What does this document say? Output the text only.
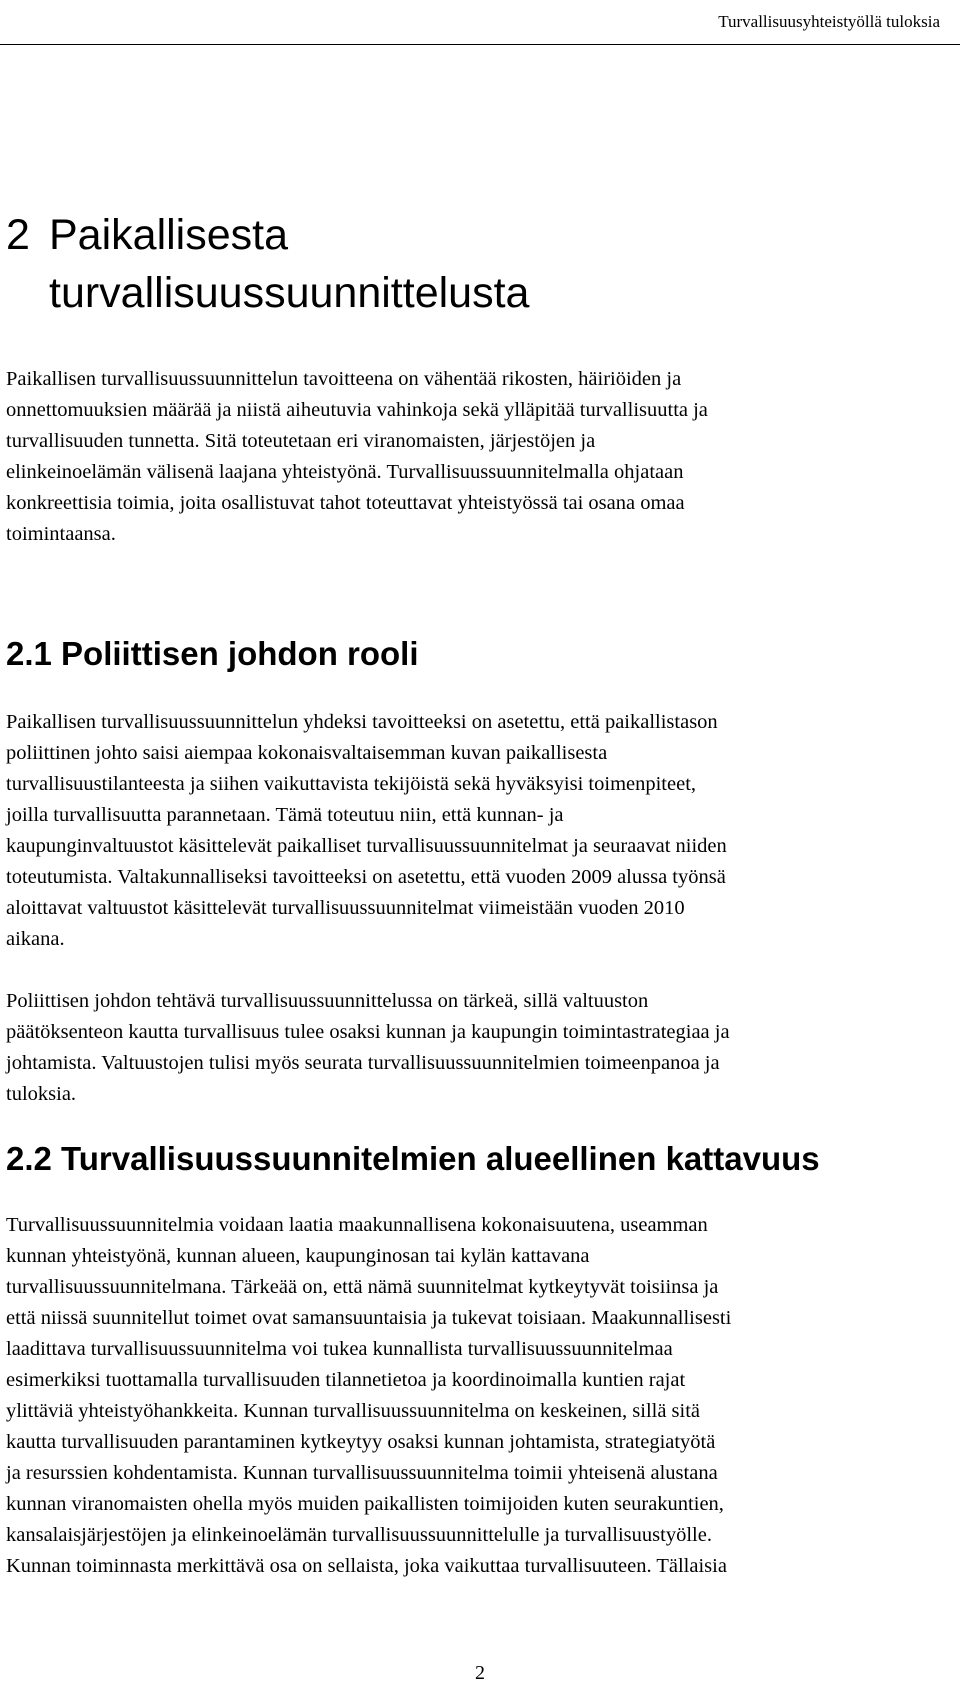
Turvallisuusyhteistyöllä tuloksia
2 Paikallisesta
turvallisuussuunnittelusta

Paikallisen turvallisuussuunnittelun tavoitteena on vähentää rikosten, häiriöiden ja
onnettomuuksien määrää ja niistä aiheutuvia vahinkoja sekä ylläpitää turvallisuutta ja
turvallisuuden tunnetta. Sitä toteutetaan eri viranomaisten, järjestöjen ja
elinkeinoelämän välisenä laajana yhteistyönä. Turvallisuussuunnitelmalla ohjataan
konkreettisia toimia, joita osallistuvat tahot toteuttavat yhteistyössä tai osana omaa
toimintaansa.

2.1 Poliittisen johdon rooli

Paikallisen turvallisuussuunnittelun yhdeksi tavoitteeksi on asetettu, että paikallistason
poliittinen johto saisi aiempaa kokonaisvaltaisemman kuvan paikallisesta
turvallisuustilanteesta ja siihen vaikuttavista tekijöistä sekä hyväksyisi toimenpiteet,
joilla turvallisuutta parannetaan. Tämä toteutuu niin, että kunnan- ja
kaupunginvaltuustot käsittelevät paikalliset turvallisuussuunnitelmat ja seuraavat niiden
toteutumista. Valtakunnalliseksi tavoitteeksi on asetettu, että vuoden 2009 alussa työnsä
aloittavat valtuustot käsittelevät turvallisuussuunnitelmat viimeistään vuoden 2010
aikana.

Poliittisen johdon tehtävä turvallisuussuunnittelussa on tärkeä, sillä valtuuston
päätöksenteon kautta turvallisuus tulee osaksi kunnan ja kaupungin toimintastrategiaa ja
johtamista. Valtuustojen tulisi myös seurata turvallisuussuunnitelmien toimeenpanoa ja
tuloksia.

2.2 Turvallisuussuunnitelmien alueellinen kattavuus

Turvallisuussuunnitelmia voidaan laatia maakunnallisena kokonaisuutena, useamman
kunnan yhteistyönä, kunnan alueen, kaupunginosan tai kylän kattavana
turvallisuussuunnitelmana. Tärkeää on, että nämä suunnitelmat kytkeytyvät toisiinsa ja
että niissä suunnitellut toimet ovat samansuuntaisia ja tukevat toisiaan. Maakunnallisesti
laadittava turvallisuussuunnitelma voi tukea kunnallista turvallisuussuunnitelmaa
esimerkiksi tuottamalla turvallisuuden tilannetietoa ja koordinoimalla kuntien rajat
ylittäviä yhteistyöhankkeita. Kunnan turvallisuussuunnitelma on keskeinen, sillä sitä
kautta turvallisuuden parantaminen kytkeytyy osaksi kunnan johtamista, strategiatyötä
ja resurssien kohdentamista. Kunnan turvallisuussuunnitelma toimii yhteisenä alustana
kunnan viranomaisten ohella myös muiden paikallisten toimijoiden kuten seurakuntien,
kansalaisjärjestöjen ja elinkeinoelämän turvallisuussuunnittelulle ja turvallisuustyölle.
Kunnan toiminnasta merkittävä osa on sellaista, joka vaikuttaa turvallisuuteen. Tällaisia

2
